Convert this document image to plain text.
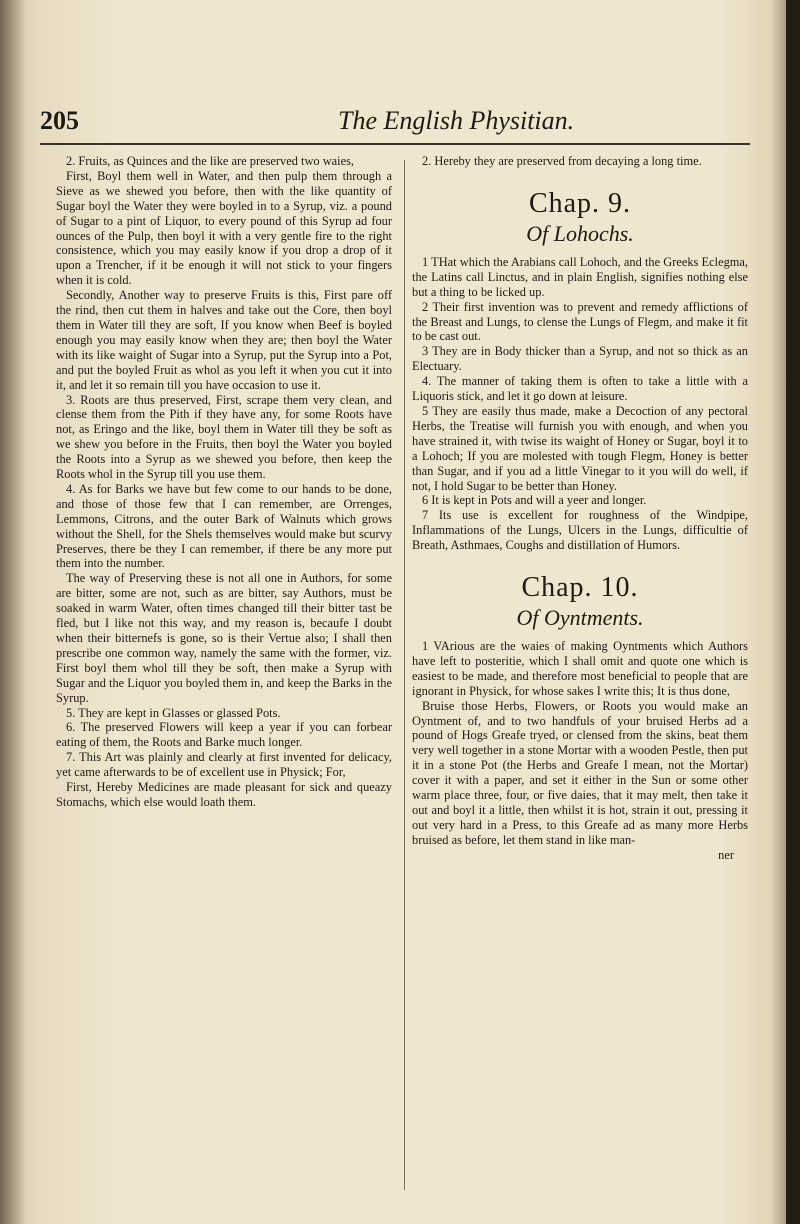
205	The English Physitian.

2. Fruits, as Quinces and the like are preserved two waies,

First, Boyl them well in Water, and then pulp them through a Sieve as we shewed you before, then with the like quantity of Sugar boyl the Water they were boyled in to a Syrup, viz. a pound of Sugar to a pint of Liquor, to every pound of this Syrup ad four ounces of the Pulp, then boyl it with a very gentle fire to the right consistence, which you may easily know if you drop a drop of it upon a Trencher, if it be enough it will not stick to your fingers when it is cold.

Secondly, Another way to preserve Fruits is this, First pare off the rind, then cut them in halves and take out the Core, then boyl them in Water till they are soft, If you know when Beef is boyled enough you may easily know when they are; then boyl the Water with its like waight of Sugar into a Syrup, put the Syrup into a Pot, and put the boyled Fruit as whol as you left it when you cut it into it, and let it so remain till you have occasion to use it.

3. Roots are thus preserved, First, scrape them very clean, and clense them from the Pith if they have any, for some Roots have not, as Eringo and the like, boyl them in Water till they be soft as we shew you before in the Fruits, then boyl the Water you boyled the Roots into a Syrup as we shewed you before, then keep the Roots whol in the Syrup till you use them.

4. As for Barks we have but few come to our hands to be done, and those of those few that I can remember, are Orrenges, Lemmons, Citrons, and the outer Bark of Walnuts which grows without the Shell, for the Shels themselves would make but scurvy Preserves, there be they I can remember, if there be any more put them into the number.

The way of Preserving these is not all one in Authors, for some are bitter, some are not, such as are bitter, say Authors, must be soaked in warm Water, often times changed till their bitter tast be fled, but I like not this way, and my reason is, becaufe I doubt when their bitternefs is gone, so is their Vertue also; I shall then prescribe one common way, namely the same with the former, viz. First boyl them whol till they be soft, then make a Syrup with Sugar and the Liquor you boyled them in, and keep the Barks in the Syrup.

5. They are kept in Glasses or glassed Pots.

6. The preserved Flowers will keep a year if you can forbear eating of them, the Roots and Barke much longer.

7. This Art was plainly and clearly at first invented for delicacy, yet came afterwards to be of excellent use in Physick; For,

First, Hereby Medicines are made pleasant for sick and queazy Stomachs, which else would loath them.

2. Hereby they are preserved from decaying a long time.

Chap. 9.
Of Lohochs.

1 THat which the Arabians call Lohoch, and the Greeks Eclegma, the Latins call Linctus, and in plain English, signifies nothing else but a thing to be licked up.

2 Their first invention was to prevent and remedy afflictions of the Breast and Lungs, to clense the Lungs of Flegm, and make it fit to be cast out.

3 They are in Body thicker than a Syrup, and not so thick as an Electuary.

4. The manner of taking them is often to take a little with a Liquoris stick, and let it go down at leisure.

5 They are easily thus made, make a Decoction of any pectoral Herbs, the Treatise will furnish you with enough, and when you have strained it, with twise its waight of Honey or Sugar, boyl it to a Lohoch; If you are molested with tough Flegm, Honey is better than Sugar, and if you ad a little Vinegar to it you will do well, if not, I hold Sugar to be better than Honey.

6 It is kept in Pots and will a yeer and longer.

7 Its use is excellent for roughness of the Windpipe, Inflammations of the Lungs, Ulcers in the Lungs, difficultie of Breath, Asthmaes, Coughs and distillation of Humors.

Chap. 10.
Of Oyntments.

1 VArious are the waies of making Oyntments which Authors have left to posteritie, which I shall omit and quote one which is easiest to be made, and therefore most beneficial to people that are ignorant in Physick, for whose sakes I write this; It is thus done,

Bruise those Herbs, Flowers, or Roots you would make an Oyntment of, and to two handfuls of your bruised Herbs ad a pound of Hogs Greafe tryed, or clensed from the skins, beat them very well together in a stone Mortar with a wooden Pestle, then put it in a stone Pot (the Herbs and Greafe I mean, not the Mortar) cover it with a paper, and set it either in the Sun or some other warm place three, four, or five daies, that it may melt, then take it out and boyl it a little, then whilst it is hot, strain it out, pressing it out very hard in a Press, to this Greafe ad as many more Herbs bruised as before, let them stand in like man-

ner
